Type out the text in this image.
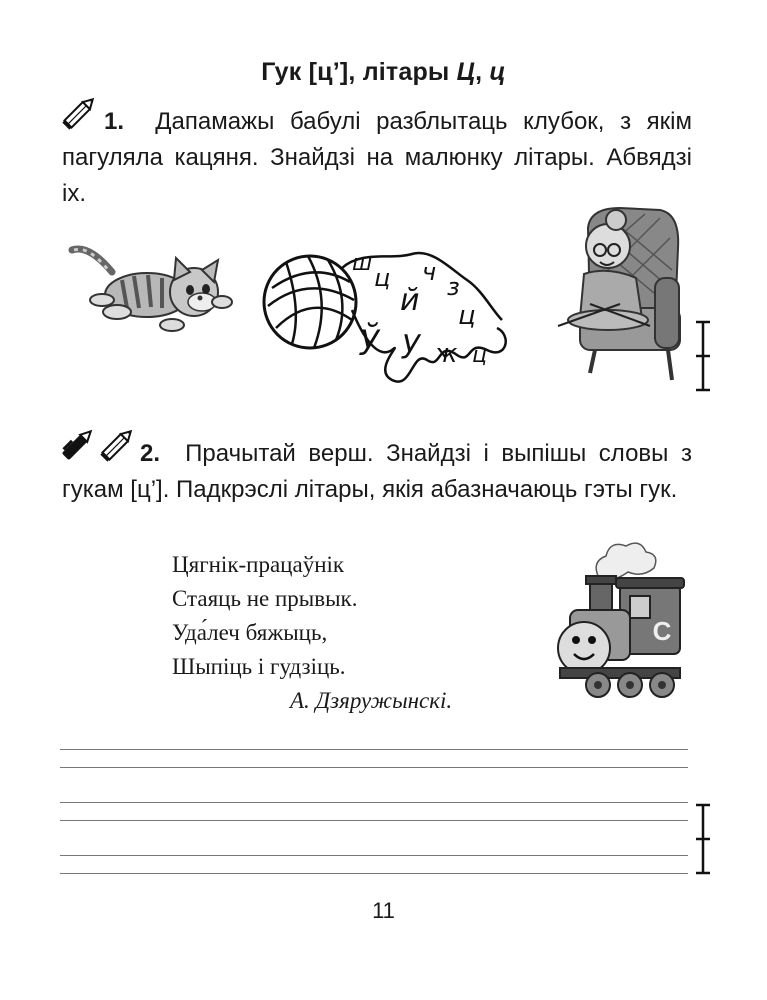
Гук [ц’], літары Ц, ц
1. Дапамажы бабулі разблытаць клубок, з якім пагуляла кацяня. Знайдзі на малюнку літары. Абвядзі іх.
ш
ц
й
ч
ў
з
ц
у ж ц
2. Прачытай верш. Знайдзі і выпішы словы з гукам [ц’]. Падкрэслі літары, якія абазначаюць гэты гук.
Цягнік-працаўнік
Стаяць не прывык.
Уда́леч бяжыць,
Шыпіць і гудзіць.
А. Дзяружынскі.
C
11
